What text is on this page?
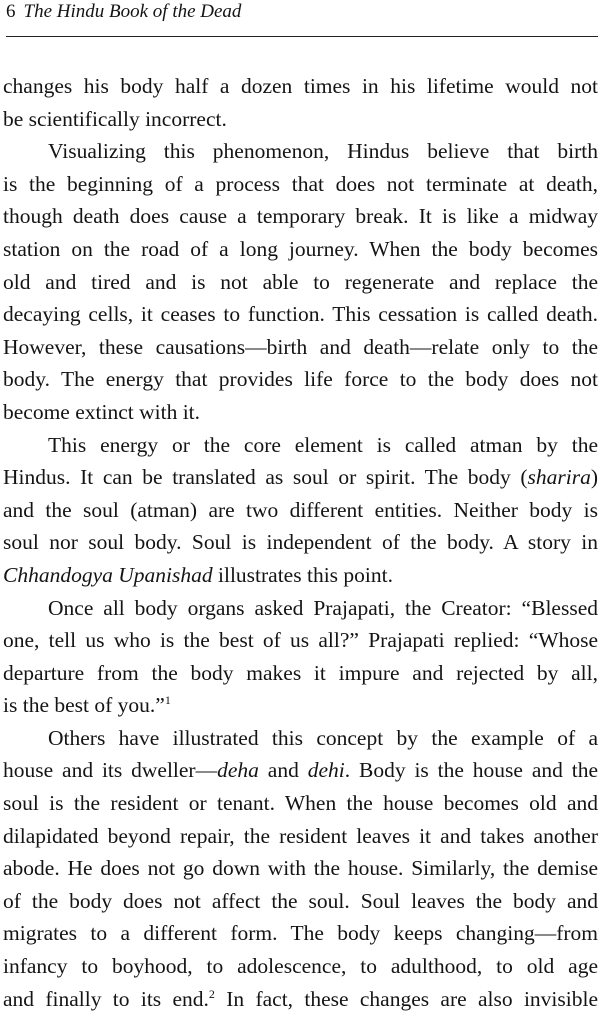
6 The Hindu Book of the Dead
changes his body half a dozen times in his lifetime would not
be scientifically incorrect.
Visualizing this phenomenon, Hindus believe that birth
is the beginning of a process that does not terminate at death,
though death does cause a temporary break. It is like a midway
station on the road of a long journey. When the body becomes
old and tired and is not able to regenerate and replace the
decaying cells, it ceases to function. This cessation is called death.
However, these causations—birth and death—relate only to the
body. The energy that provides life force to the body does not
become extinct with it.
This energy or the core element is called atman by the
Hindus. It can be translated as soul or spirit. The body (sharira)
and the soul (atman) are two different entities. Neither body is
soul nor soul body. Soul is independent of the body. A story in
Chhandogya Upanishad illustrates this point.
Once all body organs asked Prajapati, the Creator: “Blessed
one, tell us who is the best of us all?” Prajapati replied: “Whose
departure from the body makes it impure and rejected by all,
is the best of you.”$^1$
Others have illustrated this concept by the example of a
house and its dweller—deha and dehi. Body is the house and the
soul is the resident or tenant. When the house becomes old and
dilapidated beyond repair, the resident leaves it and takes another
abode. He does not go down with the house. Similarly, the demise
of the body does not affect the soul. Soul leaves the body and
migrates to a different form. The body keeps changing—from
infancy to boyhood, to adolescence, to adulthood, to old age
and finally to its end.$^2$ In fact, these changes are also invisible
